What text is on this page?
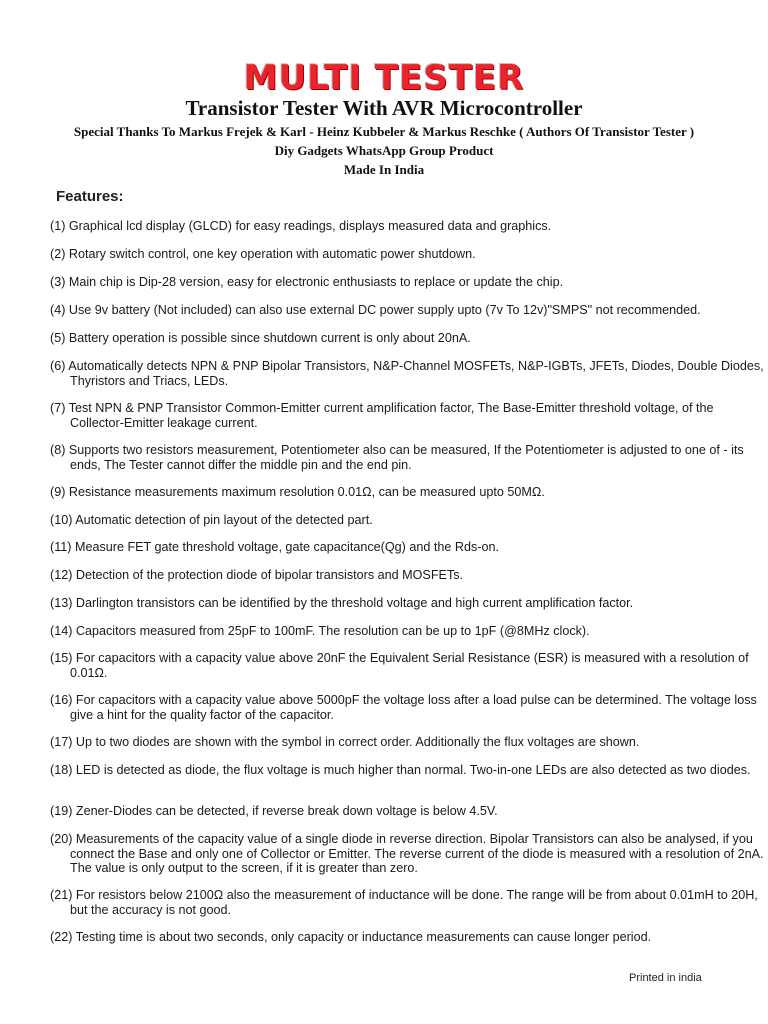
MULTI TESTER
Transistor Tester With AVR Microcontroller
Special Thanks To Markus Frejek & Karl - Heinz Kubbeler & Markus Reschke ( Authors Of Transistor Tester )
Diy Gadgets WhatsApp Group Product
Made In India
Features:
(1) Graphical lcd display (GLCD) for easy readings, displays measured data and graphics.
(2) Rotary switch control, one key operation with automatic power shutdown.
(3) Main chip is Dip-28 version, easy for electronic enthusiasts to replace or update the chip.
(4) Use 9v battery (Not included) can also use external DC power supply upto (7v To 12v)"SMPS" not recommended.
(5) Battery operation is possible since shutdown current is only about 20nA.
(6) Automatically detects NPN & PNP Bipolar Transistors, N&P-Channel MOSFETs, N&P-IGBTs, JFETs, Diodes, Double Diodes, Thyristors and Triacs, LEDs.
(7) Test NPN & PNP Transistor Common-Emitter current amplification factor, The Base-Emitter threshold voltage, of the Collector-Emitter leakage current.
(8) Supports two resistors measurement, Potentiometer also can be measured, If the Potentiometer is adjusted to one of - its ends, The Tester cannot differ the middle pin and the end pin.
(9) Resistance measurements maximum resolution 0.01Ω, can be measured upto 50MΩ.
(10) Automatic detection of pin layout of the detected part.
(11) Measure FET gate threshold voltage, gate capacitance(Qg) and the Rds-on.
(12) Detection of the protection diode of bipolar transistors and MOSFETs.
(13) Darlington transistors can be identified by the threshold voltage and high current amplification factor.
(14) Capacitors measured from 25pF to 100mF. The resolution can be up to 1pF (@8MHz clock).
(15) For capacitors with a capacity value above 20nF the Equivalent Serial Resistance (ESR) is measured with a resolution of 0.01Ω.
(16) For capacitors with a capacity value above 5000pF the voltage loss after a load pulse can be determined. The voltage loss give a hint for the quality factor of the capacitor.
(17) Up to two diodes are shown with the symbol in correct order. Additionally the flux voltages are shown.
(18) LED is detected as diode, the flux voltage is much higher than normal. Two-in-one LEDs are also detected as two diodes.
(19) Zener-Diodes can be detected, if reverse break down voltage is below 4.5V.
(20) Measurements of the capacity value of a single diode in reverse direction. Bipolar Transistors can also be analysed, if you connect the Base and only one of Collector or Emitter. The reverse current of the diode is measured with a resolution of 2nA. The value is only output to the screen, if it is greater than zero.
(21) For resistors below 2100Ω also the measurement of inductance will be done. The range will be from about 0.01mH to 20H, but the accuracy is not good.
(22) Testing time is about two seconds, only capacity or inductance measurements can cause longer period.
Printed in india
